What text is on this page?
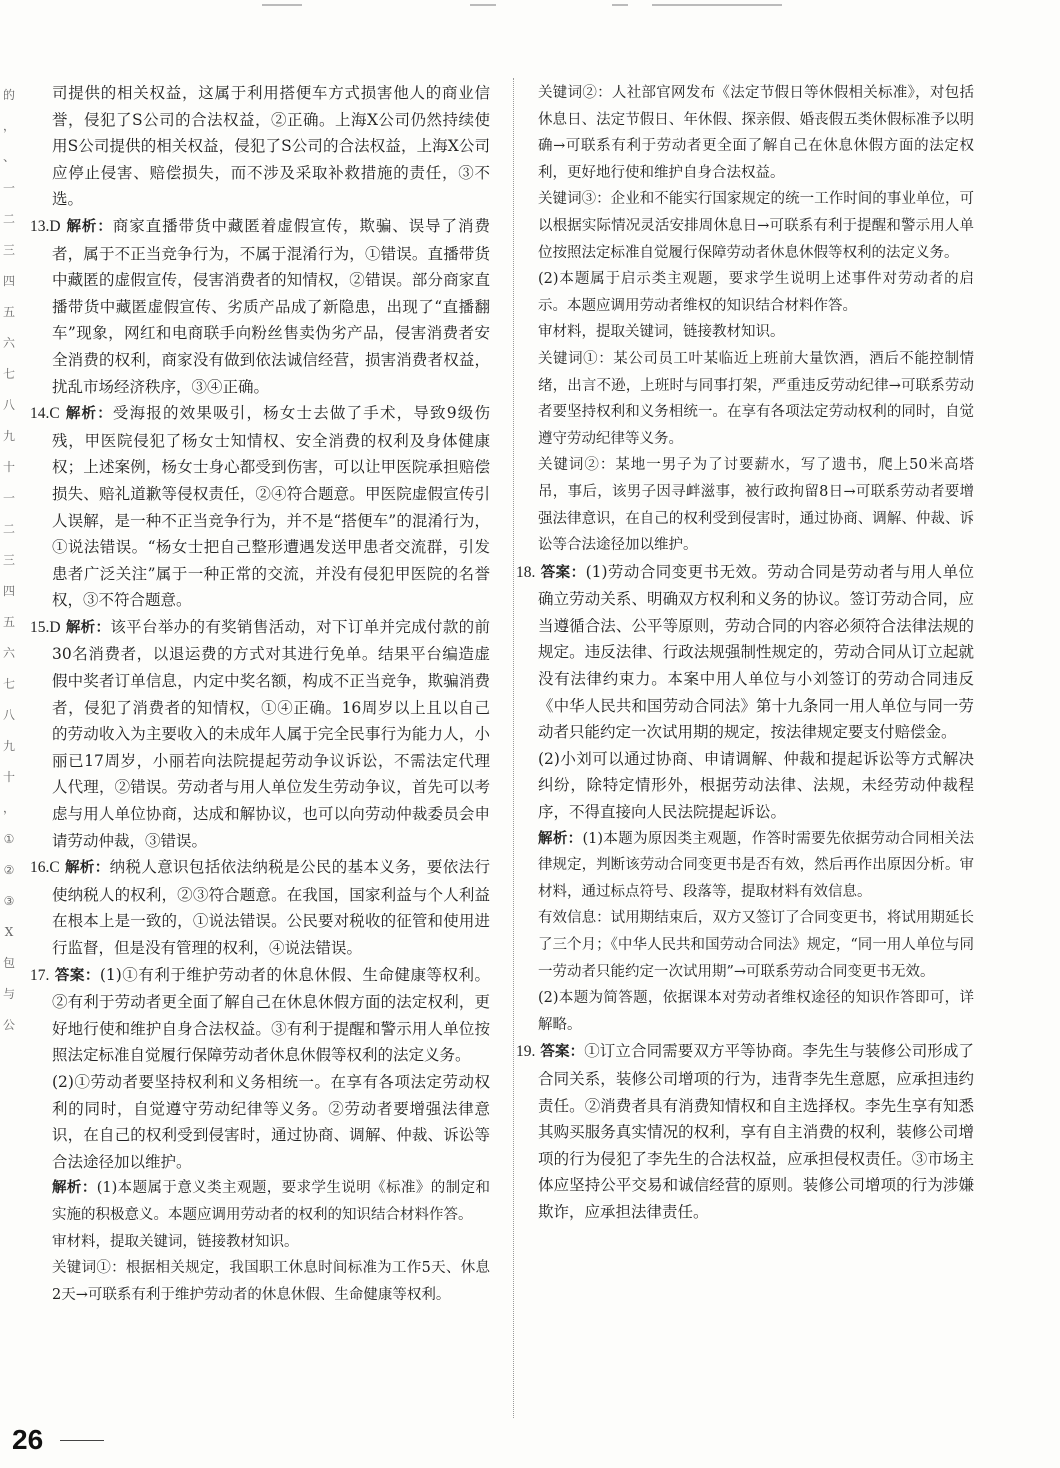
的
，
、
一
二
三
四
五
六
七
八
九
十
一
二
三
四
五
六
七
八
九
十
，
①
②
③
X
包
与
公

司提供的相关权益，这属于利用搭便车方式损害他人的商业信誉，侵犯了S公司的合法权益，②正确。上海X公司仍然持续使用S公司提供的相关权益，侵犯了S公司的合法权益，上海X公司应停止侵害、赔偿损失，而不涉及采取补救措施的责任，③不选。

13.D 解析：商家直播带货中藏匿着虚假宣传，欺骗、误导了消费者，属于不正当竞争行为，不属于混淆行为，①错误。直播带货中藏匿的虚假宣传，侵害消费者的知情权，②错误。部分商家直播带货中藏匿虚假宣传、劣质产品成了新隐患，出现了“直播翻车”现象，网红和电商联手向粉丝售卖伪劣产品，侵害消费者安全消费的权利，商家没有做到依法诚信经营，损害消费者权益，扰乱市场经济秩序，③④正确。

14.C 解析：受海报的效果吸引，杨女士去做了手术，导致9级伤残，甲医院侵犯了杨女士知情权、安全消费的权利及身体健康权；上述案例，杨女士身心都受到伤害，可以让甲医院承担赔偿损失、赔礼道歉等侵权责任，②④符合题意。甲医院虚假宣传引人误解，是一种不正当竞争行为，并不是“搭便车”的混淆行为，①说法错误。“杨女士把自己整形遭遇发送甲患者交流群，引发患者广泛关注”属于一种正常的交流，并没有侵犯甲医院的名誉权，③不符合题意。

15.D 解析：该平台举办的有奖销售活动，对下订单并完成付款的前30名消费者，以退运费的方式对其进行免单。结果平台编造虚假中奖者订单信息，内定中奖名额，构成不正当竞争，欺骗消费者，侵犯了消费者的知情权，①④正确。16周岁以上且以自己的劳动收入为主要收入的未成年人属于完全民事行为能力人，小丽已17周岁，小丽若向法院提起劳动争议诉讼，不需法定代理人代理，②错误。劳动者与用人单位发生劳动争议，首先可以考虑与用人单位协商，达成和解协议，也可以向劳动仲裁委员会申请劳动仲裁，③错误。

16.C 解析：纳税人意识包括依法纳税是公民的基本义务，要依法行使纳税人的权利，②③符合题意。在我国，国家利益与个人利益在根本上是一致的，①说法错误。公民要对税收的征管和使用进行监督，但是没有管理的权利，④说法错误。

17. 答案：(1)①有利于维护劳动者的休息休假、生命健康等权利。②有利于劳动者更全面了解自己在休息休假方面的法定权利，更好地行使和维护自身合法权益。③有利于提醒和警示用人单位按照法定标准自觉履行保障劳动者休息休假等权利的法定义务。

(2)①劳动者要坚持权利和义务相统一。在享有各项法定劳动权利的同时，自觉遵守劳动纪律等义务。②劳动者要增强法律意识，在自己的权利受到侵害时，通过协商、调解、仲裁、诉讼等合法途径加以维护。

解析：(1)本题属于意义类主观题，要求学生说明《标准》的制定和实施的积极意义。本题应调用劳动者的权利的知识结合材料作答。

审材料，提取关键词，链接教材知识。

关键词①：根据相关规定，我国职工休息时间标准为工作5天、休息2天→可联系有利于维护劳动者的休息休假、生命健康等权利。

关键词②：人社部官网发布《法定节假日等休假相关标准》，对包括休息日、法定节假日、年休假、探亲假、婚丧假五类休假标准予以明确→可联系有利于劳动者更全面了解自己在休息休假方面的法定权利，更好地行使和维护自身合法权益。

关键词③：企业和不能实行国家规定的统一工作时间的事业单位，可以根据实际情况灵活安排周休息日→可联系有利于提醒和警示用人单位按照法定标准自觉履行保障劳动者休息休假等权利的法定义务。

(2)本题属于启示类主观题，要求学生说明上述事件对劳动者的启示。本题应调用劳动者维权的知识结合材料作答。

审材料，提取关键词，链接教材知识。

关键词①：某公司员工叶某临近上班前大量饮酒，酒后不能控制情绪，出言不逊，上班时与同事打架，严重违反劳动纪律→可联系劳动者要坚持权利和义务相统一。在享有各项法定劳动权利的同时，自觉遵守劳动纪律等义务。

关键词②：某地一男子为了讨要薪水，写了遗书，爬上50米高塔吊，事后，该男子因寻衅滋事，被行政拘留8日→可联系劳动者要增强法律意识，在自己的权利受到侵害时，通过协商、调解、仲裁、诉讼等合法途径加以维护。

18. 答案：(1)劳动合同变更书无效。劳动合同是劳动者与用人单位确立劳动关系、明确双方权利和义务的协议。签订劳动合同，应当遵循合法、公平等原则，劳动合同的内容必须符合法律法规的规定。违反法律、行政法规强制性规定的，劳动合同从订立起就没有法律约束力。本案中用人单位与小刘签订的劳动合同违反《中华人民共和国劳动合同法》第十九条同一用人单位与同一劳动者只能约定一次试用期的规定，按法律规定要支付赔偿金。

(2)小刘可以通过协商、申请调解、仲裁和提起诉讼等方式解决纠纷，除特定情形外，根据劳动法律、法规，未经劳动仲裁程序，不得直接向人民法院提起诉讼。

解析：(1)本题为原因类主观题，作答时需要先依据劳动合同相关法律规定，判断该劳动合同变更书是否有效，然后再作出原因分析。审材料，通过标点符号、段落等，提取材料有效信息。

有效信息：试用期结束后，双方又签订了合同变更书，将试用期延长了三个月；《中华人民共和国劳动合同法》规定，“同一用人单位与同一劳动者只能约定一次试用期”→可联系劳动合同变更书无效。

(2)本题为简答题，依据课本对劳动者维权途径的知识作答即可，详解略。

19. 答案：①订立合同需要双方平等协商。李先生与装修公司形成了合同关系，装修公司增项的行为，违背李先生意愿，应承担违约责任。②消费者具有消费知情权和自主选择权。李先生享有知悉其购买服务真实情况的权利，享有自主消费的权利，装修公司增项的行为侵犯了李先生的合法权益，应承担侵权责任。③市场主体应坚持公平交易和诚信经营的原则。装修公司增项的行为涉嫌欺诈，应承担法律责任。

26
